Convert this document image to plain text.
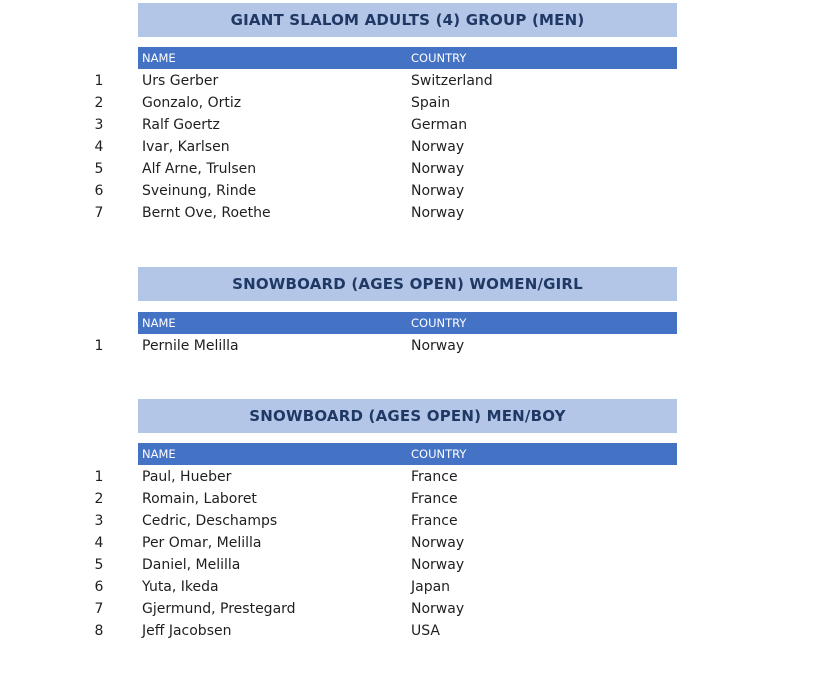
GIANT SLALOM ADULTS (4) GROUP (MEN)
NAME	COUNTRY
1	Urs Gerber	Switzerland
2	Gonzalo, Ortiz	Spain
3	Ralf Goertz	German
4	Ivar, Karlsen	Norway
5	Alf Arne, Trulsen	Norway
6	Sveinung, Rinde	Norway
7	Bernt Ove, Roethe	Norway
SNOWBOARD (AGES OPEN) WOMEN/GIRL
NAME	COUNTRY
1	Pernile Melilla	Norway
SNOWBOARD (AGES OPEN) MEN/BOY
NAME	COUNTRY
1	Paul, Hueber	France
2	Romain, Laboret	France
3	Cedric, Deschamps	France
4	Per Omar, Melilla	Norway
5	Daniel, Melilla	Norway
6	Yuta, Ikeda	Japan
7	Gjermund, Prestegard	Norway
8	Jeff Jacobsen	USA
